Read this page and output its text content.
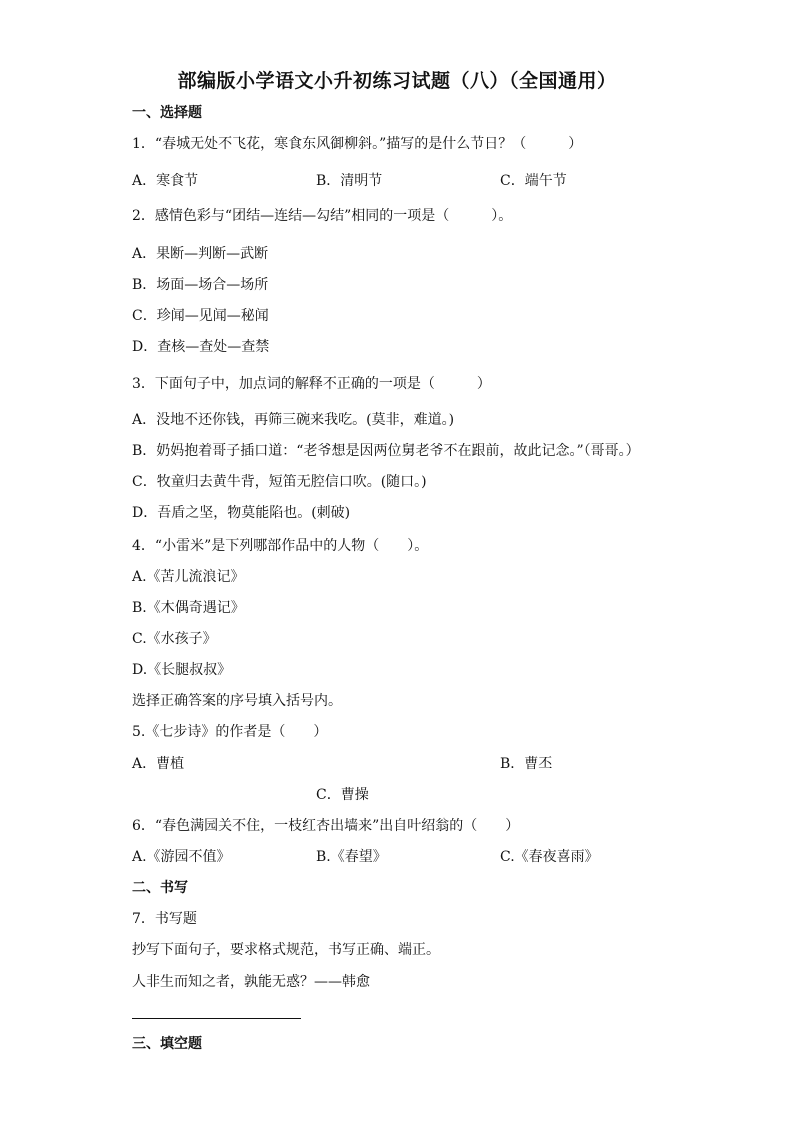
部编版小学语文小升初练习试题（八）（全国通用）
一、选择题
1．“春城无处不飞花，寒食东风御柳斜。”描写的是什么节日？（　　　）
A．寒食节	B．清明节	C．端午节
2．感情色彩与“团结—连结—勾结”相同的一项是（　　　）。
A．果断—判断—武断
B．场面—场合—场所
C．珍闻—见闻—秘闻
D．查核—查处—查禁
3．下面句子中，加点词的解释不正确的一项是（　　　）
A．没地不还你钱，再筛三碗来我吃。(莫非，难道。)
B．奶妈抱着哥子插口道：“老爷想是因两位舅老爷不在跟前，故此记念。”（哥哥。）
C．牧童归去黄牛背，短笛无腔信口吹。(随口。)
D．吾盾之坚，物莫能陷也。(刺破)
4．“小雷米”是下列哪部作品中的人物（　　）。
A.《苦儿流浪记》
B.《木偶奇遇记》
C.《水孩子》
D.《长腿叔叔》
选择正确答案的序号填入括号内。
5.《七步诗》的作者是（　　）
A．曹植	B．曹丕
C．曹操
6．“春色满园关不住，一枝红杏出墙来”出自叶绍翁的（　　）
A.《游园不值》	B.《春望》	C.《春夜喜雨》
二、书写
7．书写题
抄写下面句子，要求格式规范，书写正确、端正。
人非生而知之者，孰能无惑？——韩愈
三、填空题
